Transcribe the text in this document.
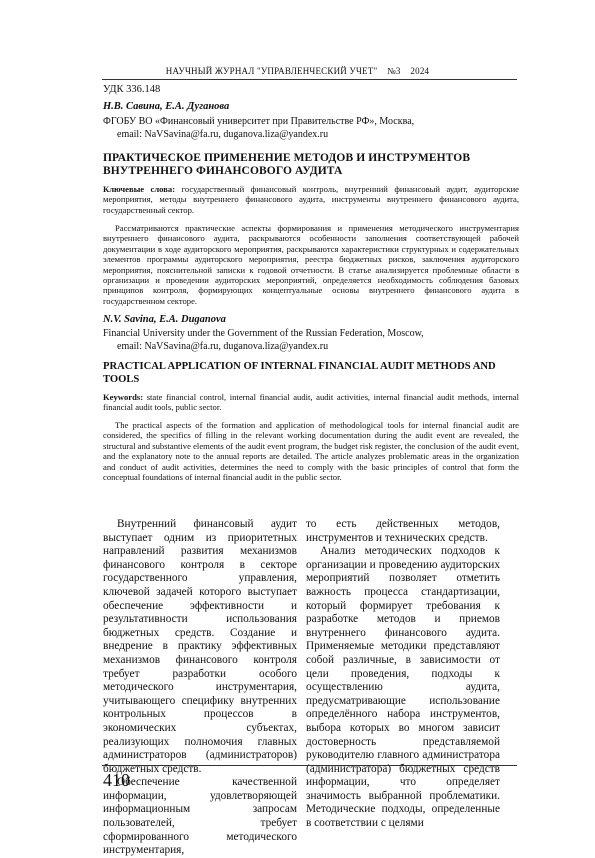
НАУЧНЫЙ ЖУРНАЛ "УПРАВЛЕНЧЕСКИЙ УЧЕТ"    №3    2024
УДК 336.148
Н.В. Савина, Е.А. Дуганова
ФГОБУ ВО «Финансовый университет при Правительстве РФ», Москва,
email: NaVSavina@fa.ru, duganova.liza@yandex.ru
ПРАКТИЧЕСКОЕ ПРИМЕНЕНИЕ МЕТОДОВ И ИНСТРУМЕНТОВ ВНУТРЕННЕГО ФИНАНСОВОГО АУДИТА
Ключевые слова: государственный финансовый контроль, внутренний финансовый аудит, аудиторские мероприятия, методы внутреннего финансового аудита, инструменты внутреннего финансового аудита, государственный сектор.
Рассматриваются практические аспекты формирования и применения методического инструментария внутреннего финансового аудита, раскрываются особенности заполнения соответствующей рабочей документации в ходе аудиторского мероприятия, раскрываются характеристики структурных и содержательных элементов программы аудиторского мероприятия, реестра бюджетных рисков, заключения аудиторского мероприятия, пояснительной записки к годовой отчетности. В статье анализируется проблемные области в организации и проведении аудиторских мероприятий, определяется необходимость соблюдения базовых принципов контроля, формирующих концептуальные основы внутреннего финансового аудита в государственном секторе.
N.V. Savina, E.A. Duganova
Financial University under the Government of the Russian Federation, Moscow,
email: NaVSavina@fa.ru, duganova.liza@yandex.ru
PRACTICAL APPLICATION OF INTERNAL FINANCIAL AUDIT METHODS AND TOOLS
Keywords: state financial control, internal financial audit, audit activities, internal financial audit methods, internal financial audit tools, public sector.
The practical aspects of the formation and application of methodological tools for internal financial audit are considered, the specifics of filling in the relevant working documentation during the audit event are revealed, the structural and substantive elements of the audit event program, the budget risk register, the conclusion of the audit event, and the explanatory note to the annual reports are detailed. The article analyzes problematic areas in the organization and conduct of audit activities, determines the need to comply with the basic principles of control that form the conceptual foundations of internal financial audit in the public sector.

Внутренний финансовый аудит выступает одним из приоритетных направлений развития механизмов финансового контроля в секторе государственного управления, ключевой задачей которого выступает обеспечение эффективности и результативности использования бюджетных средств. Создание и внедрение в практику эффективных механизмов финансового контроля требует разработки особого методического инструментария, учитывающего специфику внутренних контрольных процессов в экономических субъектах, реализующих полномочия главных администраторов (администраторов) бюджетных средств.

Обеспечение качественной информации, удовлетворяющей информационным запросам пользователей, требует сформированного методического инструментария,

то есть действенных методов, инструментов и технических средств.

Анализ методических подходов к организации и проведению аудиторских мероприятий позволяет отметить важность процесса стандартизации, который формирует требования к разработке методов и приемов внутреннего финансового аудита. Применяемые методики представляют собой различные, в зависимости от цели проведения, подходы к осуществлению аудита, предусматривающие использование определённого набора инструментов, выбора которых во многом зависит достоверность представляемой руководителю главного администратора (администратора) бюджетных средств информации, что определяет значимость выбранной проблематики. Методические подходы, определенные в соответствии с целями

410
